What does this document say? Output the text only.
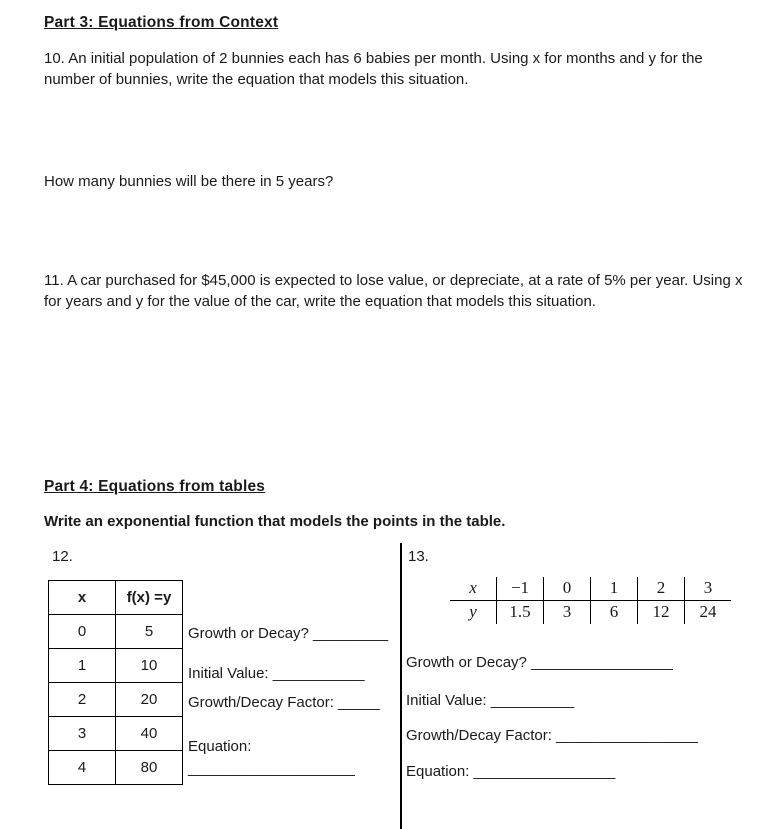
Part 3: Equations from Context
10. An initial population of 2 bunnies each has 6 babies per month. Using x for months and y for the number of bunnies, write the equation that models this situation.
How many bunnies will be there in 5 years?
11. A car purchased for $45,000 is expected to lose value, or depreciate, at a rate of 5% per year. Using x for years and y for the value of the car, write the equation that models this situation.
Part 4: Equations from tables
Write an exponential function that models the points in the table.
12.
x	f(x) =y
0	5
1	10
2	20
3	40
4	80
Growth or Decay? _________
Initial Value: ___________
Growth/Decay Factor: _____
Equation:
____________________
13.
x	−1	0	1	2	3
y	1.5	3	6	12	24
Growth or Decay? _________________
Initial Value: __________
Growth/Decay Factor: _________________
Equation: _________________
